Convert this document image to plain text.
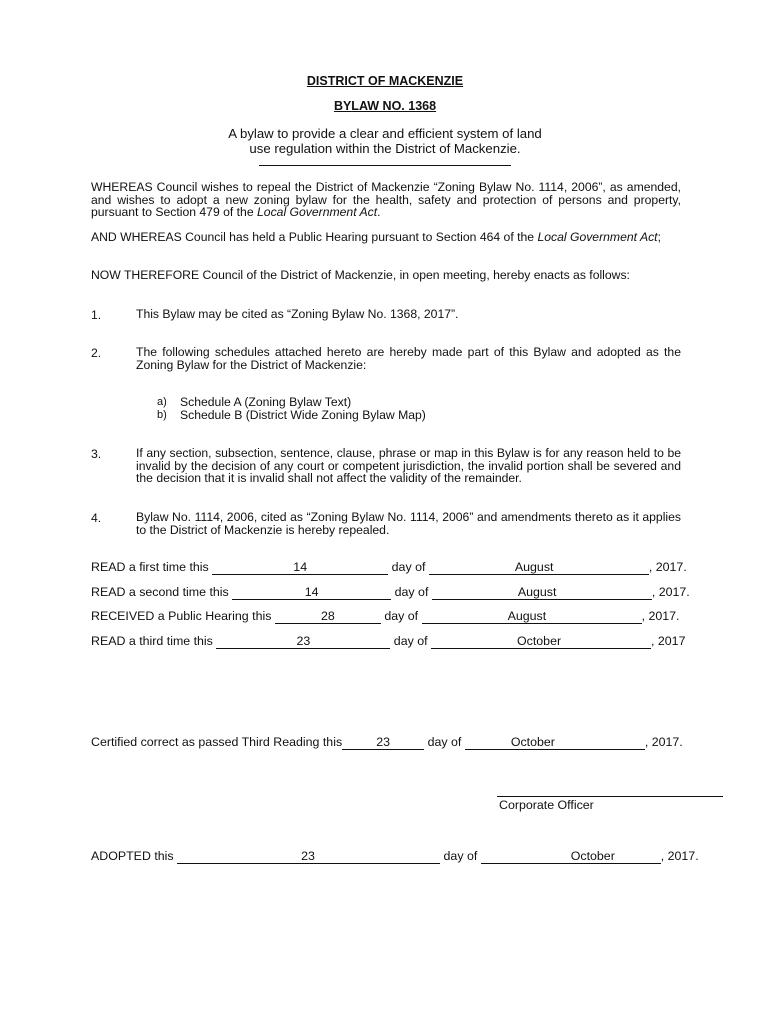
DISTRICT OF MACKENZIE
BYLAW NO. 1368
A bylaw to provide a clear and efficient system of land
use regulation within the District of Mackenzie.
WHEREAS Council wishes to repeal the District of Mackenzie “Zoning Bylaw No. 1114, 2006”, as amended, and wishes to adopt a new zoning bylaw for the health, safety and protection of persons and property, pursuant to Section 479 of the Local Government Act.
AND WHEREAS Council has held a Public Hearing pursuant to Section 464 of the Local Government Act;
NOW THEREFORE Council of the District of Mackenzie, in open meeting, hereby enacts as follows:
1.	This Bylaw may be cited as “Zoning Bylaw No. 1368, 2017”.
2.	The following schedules attached hereto are hereby made part of this Bylaw and adopted as the Zoning Bylaw for the District of Mackenzie:
a) Schedule A (Zoning Bylaw Text)
b) Schedule B (District Wide Zoning Bylaw Map)
3.	If any section, subsection, sentence, clause, phrase or map in this Bylaw is for any reason held to be invalid by the decision of any court or competent jurisdiction, the invalid portion shall be severed and the decision that it is invalid shall not affect the validity of the remainder.
4.	Bylaw No. 1114, 2006, cited as “Zoning Bylaw No. 1114, 2006” and amendments thereto as it applies to the District of Mackenzie is hereby repealed.
READ a first time this	14	day of	August	, 2017.
READ a second time this	14	day of	August	, 2017.
RECEIVED a Public Hearing this	28	day of	August	, 2017.
READ a third time this	23	day of	October	, 2017
Certified correct as passed Third Reading this	23	day of	October	, 2017.
Corporate Officer
ADOPTED this	23	day of	October	, 2017.
